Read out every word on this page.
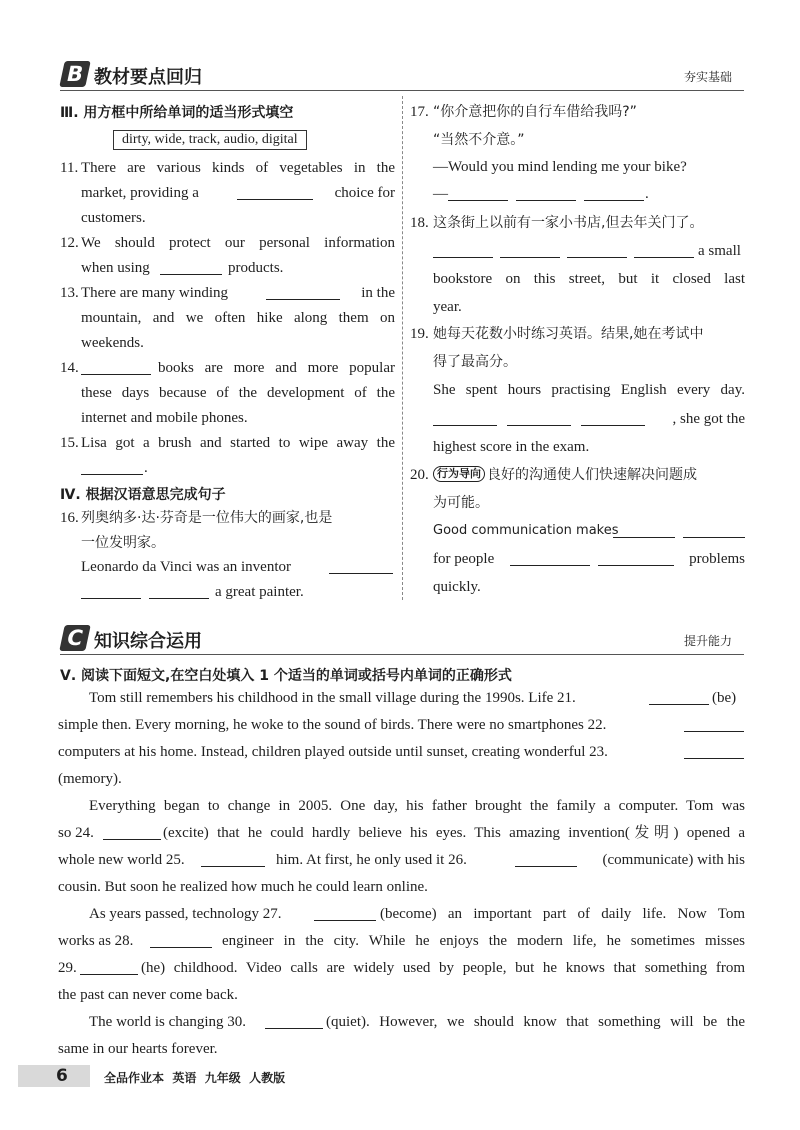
B 教材要点回归	夯实基础
Ⅲ. 用方框中所给单词的适当形式填空
dirty, wide, track, audio, digital
11. There are various kinds of vegetables in the
market, providing a	choice for
customers.
12. We should protect our personal information
when using	products.
13. There are many winding	in the
mountain, and we often hike along them on
weekends.
14.	books are more and more popular
these days because of the development of the
internet and mobile phones.
15. Lisa got a brush and started to wipe away the
.
Ⅳ. 根据汉语意思完成句子
16. 列奥纳多·达·芬奇是一位伟大的画家,也是
一位发明家。
Leonardo da Vinci was an inventor
a great painter.
17. “你介意把你的自行车借给我吗?”
“当然不介意。”
—Would you mind lending me your bike?
—	.
18. 这条街上以前有一家小书店,但去年关门了。
a small
bookstore on this street, but it closed last
year.
19. 她每天花数小时练习英语。结果,她在考试中
得了最高分。
She spent hours practising English every day.
, she got the
highest score in the exam.
20. 行为导向 良好的沟通使人们快速解决问题成
为可能。
Good communication makes
for people	problems
quickly.
C 知识综合运用	提升能力
Ⅴ. 阅读下面短文,在空白处填入 1 个适当的单词或括号内单词的正确形式
Tom still remembers his childhood in the small village during the 1990s. Life 21.	(be)
simple then. Every morning, he woke to the sound of birds. There were no smartphones 22.
computers at his home. Instead, children played outside until sunset, creating wonderful 23.
(memory).
Everything began to change in 2005. One day, his father brought the family a computer. Tom was
so 24.	(excite) that he could hardly believe his eyes. This amazing invention(发明) opened a
whole new world 25.	him. At first, he only used it 26.	(communicate) with his
cousin. But soon he realized how much he could learn online.
As years passed, technology 27.	(become) an important part of daily life. Now Tom
works as 28.	engineer in the city. While he enjoys the modern life, he sometimes misses
29.	(he) childhood. Video calls are widely used by people, but he knows that something from
the past can never come back.
The world is changing 30.	(quiet). However, we should know that something will be the
same in our hearts forever.
6	全品作业本  英语  九年级  人教版
